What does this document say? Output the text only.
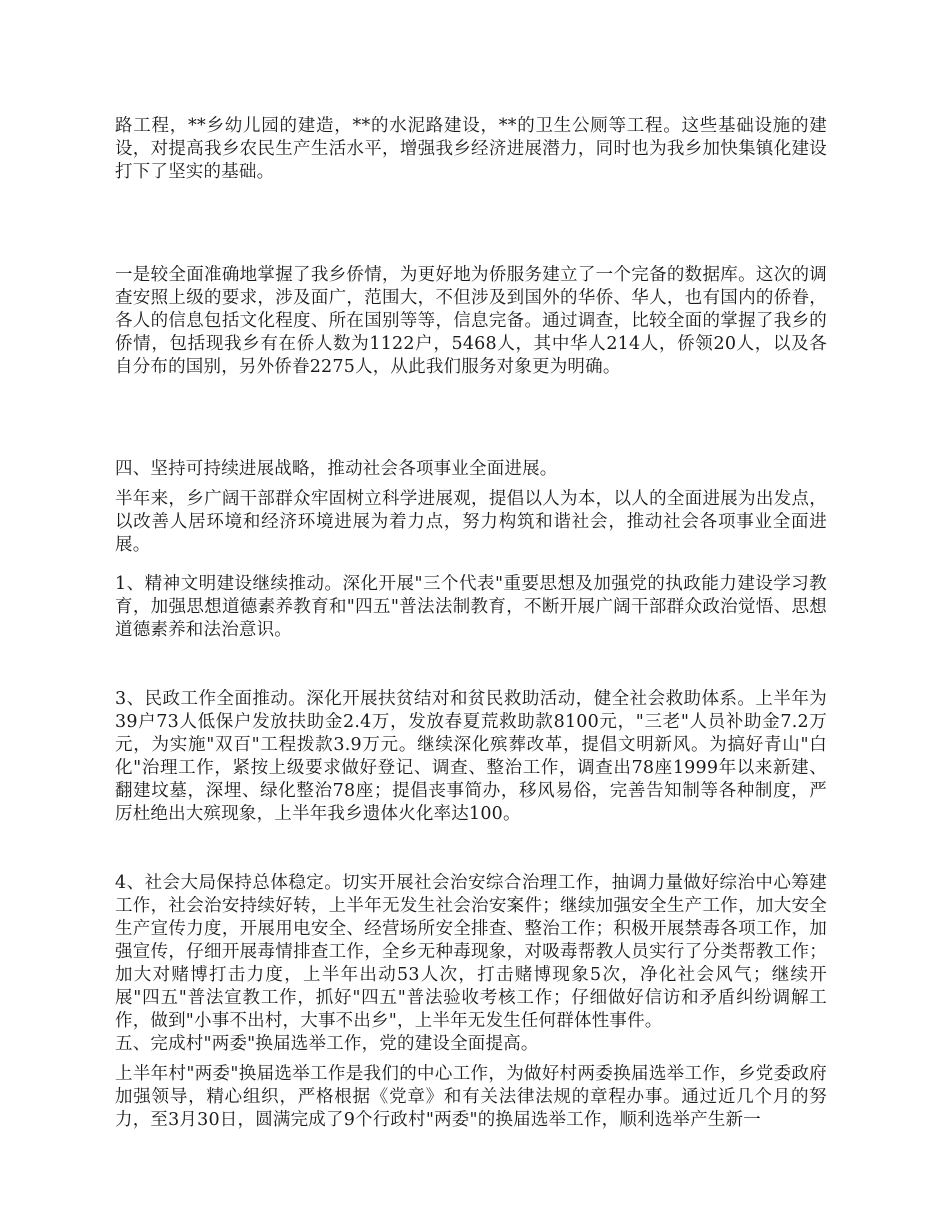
路工程，**乡幼儿园的建造，**的水泥路建设，**的卫生公厕等工程。这些基础设施的建设，对提高我乡农民生产生活水平，增强我乡经济进展潜力，同时也为我乡加快集镇化建设打下了坚实的基础。

一是较全面准确地掌握了我乡侨情，为更好地为侨服务建立了一个完备的数据库。这次的调查安照上级的要求，涉及面广，范围大，不但涉及到国外的华侨、华人，也有国内的侨眷，各人的信息包括文化程度、所在国别等等，信息完备。通过调查，比较全面的掌握了我乡的侨情，包括现我乡有在侨人数为1122户，5468人，其中华人214人，侨领20人，以及各自分布的国别，另外侨眷2275人，从此我们服务对象更为明确。

四、坚持可持续进展战略，推动社会各项事业全面进展。

半年来，乡广阔干部群众牢固树立科学进展观，提倡以人为本，以人的全面进展为出发点，以改善人居环境和经济环境进展为着力点，努力构筑和谐社会，推动社会各项事业全面进展。

1、精神文明建设继续推动。深化开展"三个代表"重要思想及加强党的执政能力建设学习教育，加强思想道德素养教育和"四五"普法法制教育，不断开展广阔干部群众政治觉悟、思想道德素养和法治意识。

3、民政工作全面推动。深化开展扶贫结对和贫民救助活动，健全社会救助体系。上半年为39户73人低保户发放扶助金2.4万，发放春夏荒救助款8100元，"三老"人员补助金7.2万元，为实施"双百"工程拨款3.9万元。继续深化殡葬改革，提倡文明新风。为搞好青山"白化"治理工作，紧按上级要求做好登记、调查、整治工作，调查出78座1999年以来新建、翻建坟墓，深埋、绿化整治78座；提倡丧事简办，移风易俗，完善告知制等各种制度，严厉杜绝出大殡现象，上半年我乡遗体火化率达100。

4、社会大局保持总体稳定。切实开展社会治安综合治理工作，抽调力量做好综治中心筹建工作，社会治安持续好转，上半年无发生社会治安案件；继续加强安全生产工作，加大安全生产宣传力度，开展用电安全、经营场所安全排查、整治工作；积极开展禁毒各项工作，加强宣传，仔细开展毒情排查工作，全乡无种毒现象，对吸毒帮教人员实行了分类帮教工作；加大对赌博打击力度，上半年出动53人次，打击赌博现象5次，净化社会风气；继续开展"四五"普法宣教工作，抓好"四五"普法验收考核工作；仔细做好信访和矛盾纠纷调解工作，做到"小事不出村，大事不出乡"，上半年无发生任何群体性事件。

五、完成村"两委"换届选举工作，党的建设全面提高。

上半年村"两委"换届选举工作是我们的中心工作，为做好村两委换届选举工作，乡党委政府加强领导，精心组织，严格根据《党章》和有关法律法规的章程办事。通过近几个月的努力，至3月30日，圆满完成了9个行政村"两委"的换届选举工作，顺利选举产生新一
